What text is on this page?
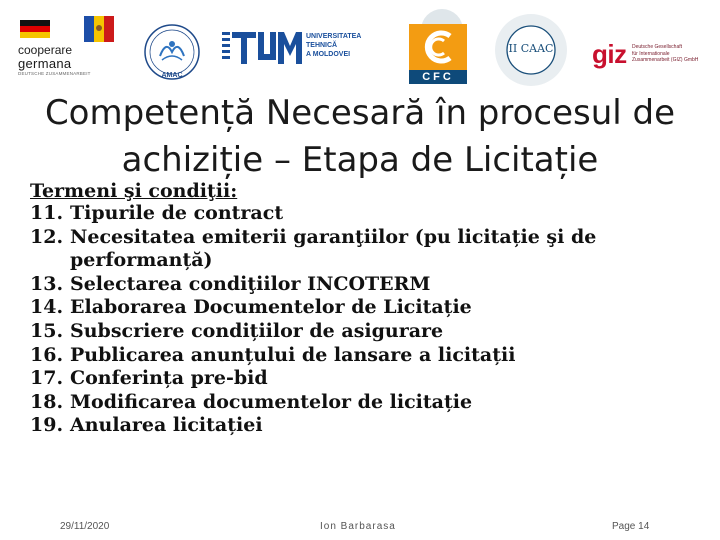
cooperare
germana
DEUTSCHE ZUSAMMENARBEIT	AMAC
UNIVERSITATEA TEHNICĂ
A MOLDOVEI
CFC
II CAAC giz Deutsche Gesellschaft
für Internationale
Zusammenarbeit (GIZ) GmbH
Competență Necesară în procesul de
achiziție – Etapa de Licitație
Termeni şi condiţii:
11. Tipurile de contract
12. Necesitatea emiterii garanţiilor (pu licitație şi de performanță)
13. Selectarea condiţiilor INCOTERM
14. Elaborarea Documentelor de Licitație
15. Subscriere condițiilor de asigurare
16. Publicarea anunțului de lansare a licitații
17. Conferința pre-bid
18. Modificarea documentelor de licitație
19. Anularea licitației
29/11/2020	Ion Barbarasa	Page 14
